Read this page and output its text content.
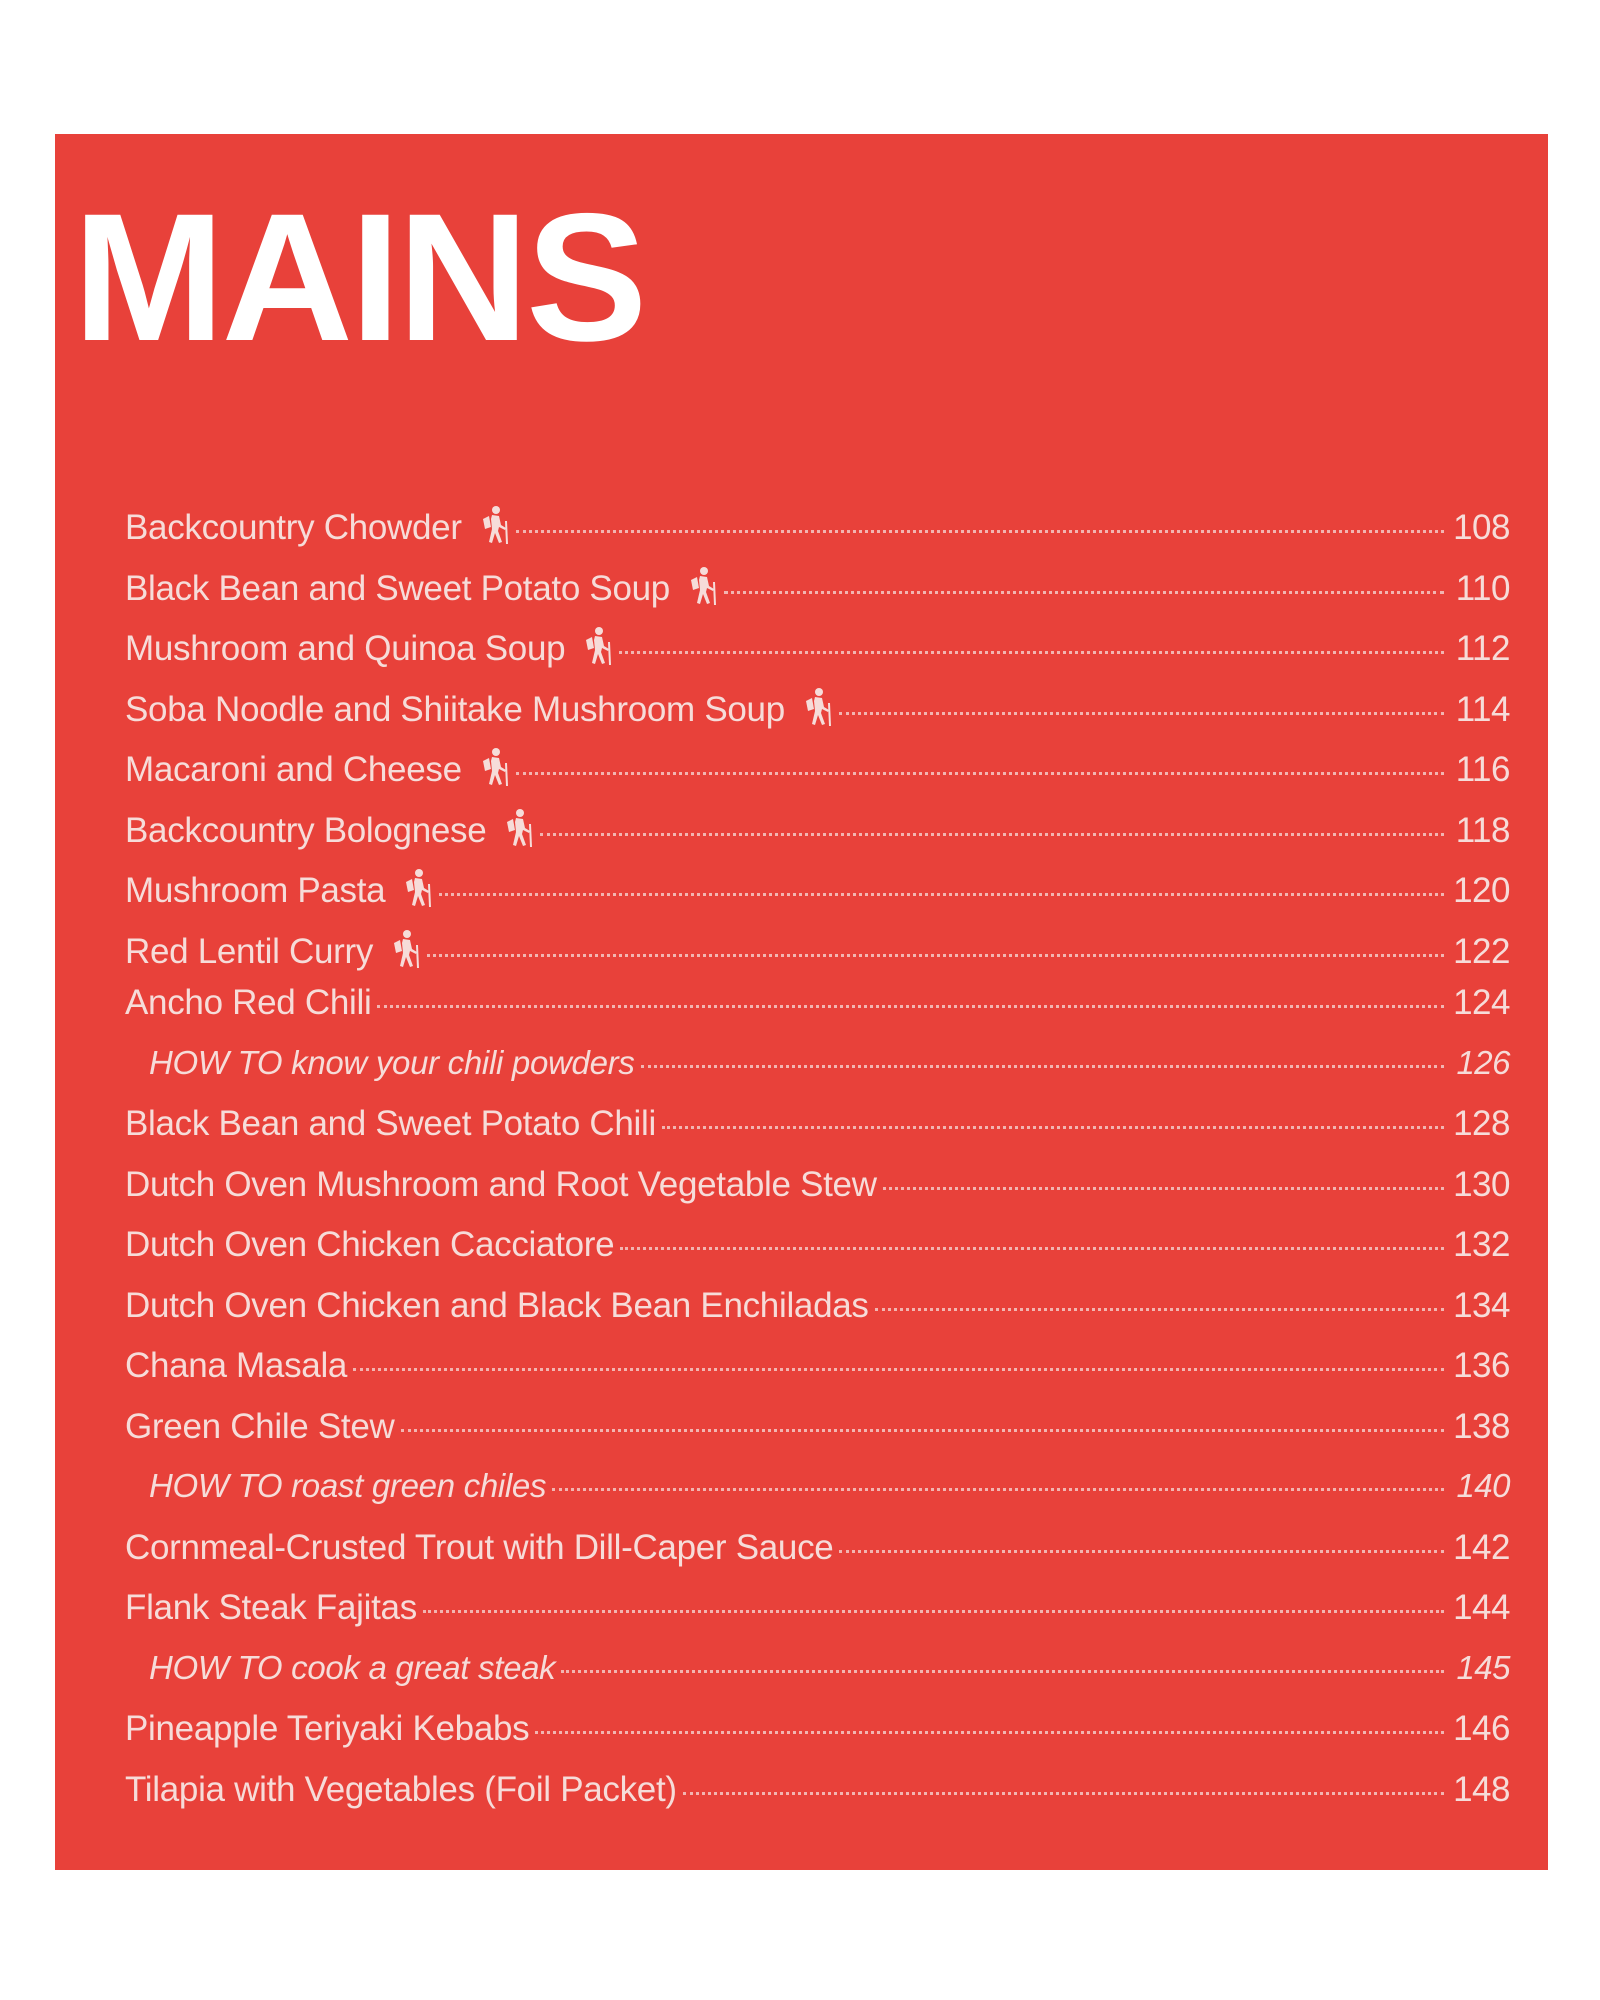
MAINS
Backcountry Chowder	108
Black Bean and Sweet Potato Soup	110
Mushroom and Quinoa Soup	112
Soba Noodle and Shiitake Mushroom Soup	114
Macaroni and Cheese	116
Backcountry Bolognese	118
Mushroom Pasta	120
Red Lentil Curry	122
Ancho Red Chili	124
HOW TO know your chili powders	126
Black Bean and Sweet Potato Chili	128
Dutch Oven Mushroom and Root Vegetable Stew	130
Dutch Oven Chicken Cacciatore	132
Dutch Oven Chicken and Black Bean Enchiladas	134
Chana Masala	136
Green Chile Stew	138
HOW TO roast green chiles	140
Cornmeal-Crusted Trout with Dill-Caper Sauce	142
Flank Steak Fajitas	144
HOW TO cook a great steak	145
Pineapple Teriyaki Kebabs	146
Tilapia with Vegetables (Foil Packet)	148
